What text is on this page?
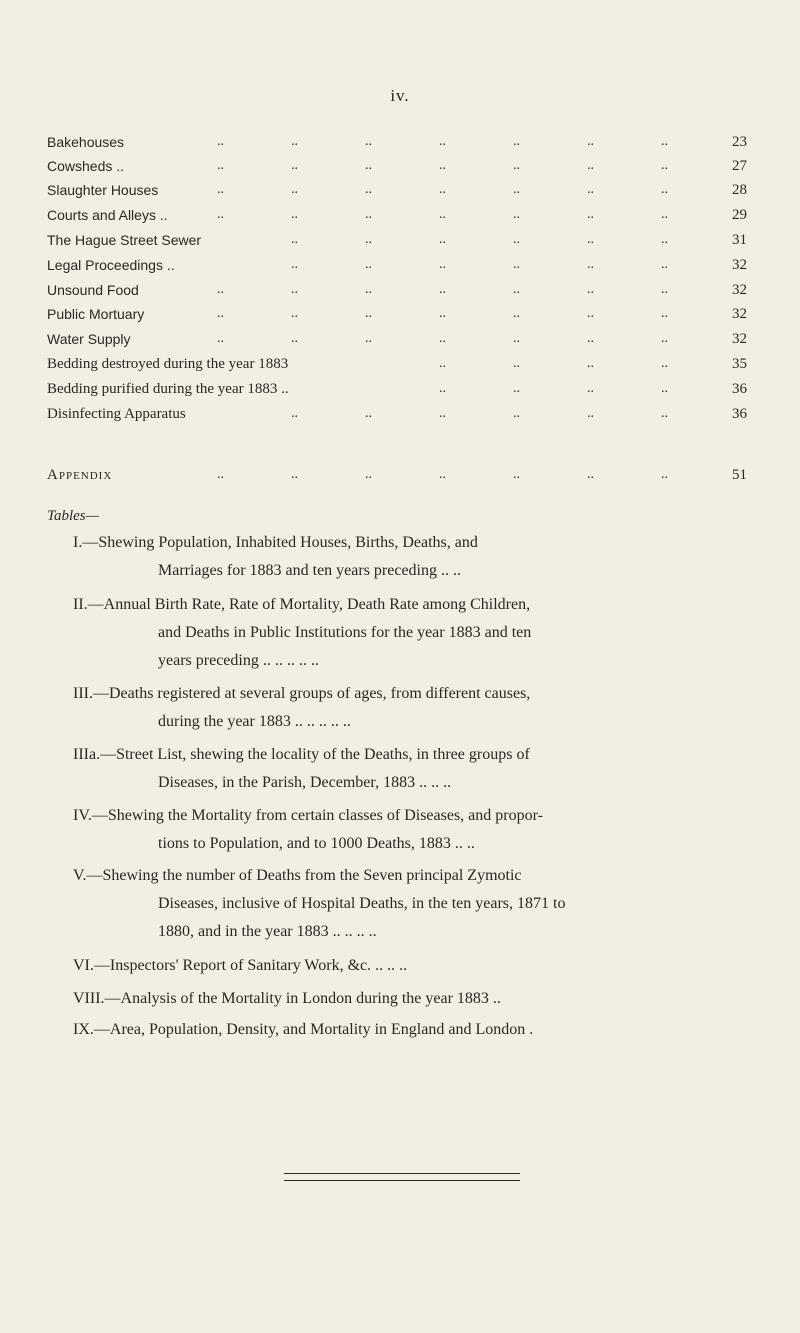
iv.
Bakehouses	..	..	..	..	..	..	..	23
Cowsheds ..	..	..	..	..	..	..	..	27
Slaughter Houses	..	..	..	..	..	..	..	28
Courts and Alleys ..	..	..	..	..	..	..	..	29
The Hague Street Sewer	..	..	..	..	..	..	31
Legal Proceedings ..	..	..	..	..	..	..	32
Unsound Food	..	..	..	..	..	..	..	32
Public Mortuary	..	..	..	..	..	..	..	32
Water Supply	..	..	..	..	..	..	..	32
Bedding destroyed during the year 1883	..	..	..	..	35
Bedding purified during the year 1883 ..	..	..	..	..	36
Disinfecting Apparatus	..	..	..	..	..	..	36
Appendix	..	..	..	..	..	..	..	51
Tables—
I.—Shewing Population, Inhabited Houses, Births, Deaths, and
Marriages for 1883 and ten years preceding .. ..
II.—Annual Birth Rate, Rate of Mortality, Death Rate among Children,
and Deaths in Public Institutions for the year 1883 and ten
years preceding .. .. .. .. ..
III.—Deaths registered at several groups of ages, from different causes,
during the year 1883 .. .. .. .. ..
IIIa.—Street List, shewing the locality of the Deaths, in three groups of
Diseases, in the Parish, December, 1883 .. .. ..
IV.—Shewing the Mortality from certain classes of Diseases, and propor-
tions to Population, and to 1000 Deaths, 1883 .. ..
V.—Shewing the number of Deaths from the Seven principal Zymotic
Diseases, inclusive of Hospital Deaths, in the ten years, 1871 to
1880, and in the year 1883 .. .. .. ..
VI.—Inspectors' Report of Sanitary Work, &c. .. .. ..
VIII.—Analysis of the Mortality in London during the year 1883 ..
IX.—Area, Population, Density, and Mortality in England and London .
